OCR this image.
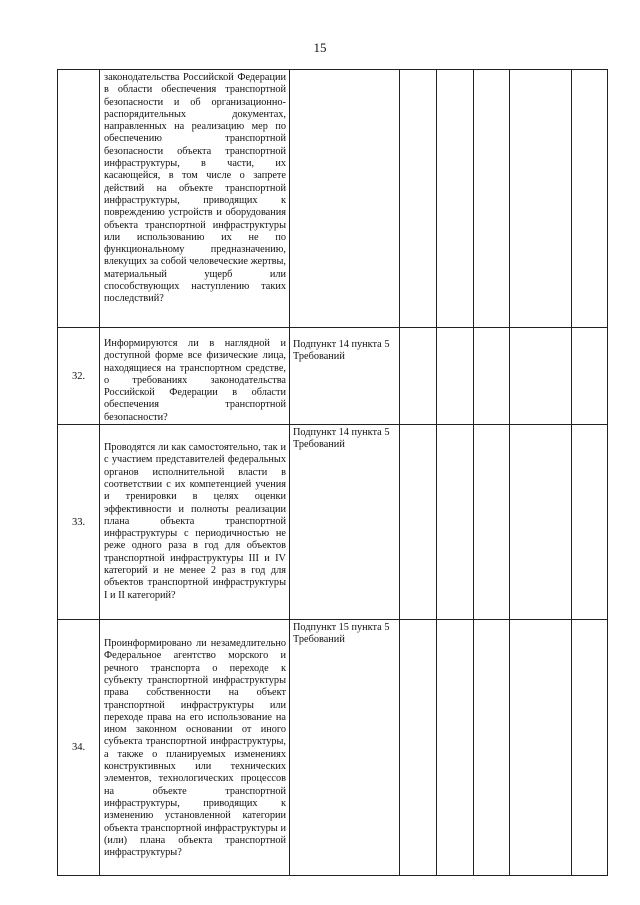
15

	законодательства Российской Федерации в области обеспечения транспортной безопасности и об организационно-распорядительных документах, направленных на реализацию мер по обеспечению транспортной безопасности объекта транспортной инфраструктуры, в части, их касающейся, в том числе о запрете действий на объекте транспортной инфраструктуры, приводящих к повреждению устройств и оборудования объекта транспортной инфраструктуры или использованию их не по функциональному предназначению, влекущих за собой человеческие жертвы, материальный ущерб или способствующих наступлению таких последствий?						

32.	Информируются ли в наглядной и доступной форме все физические лица, находящиеся на транспортном средстве, о требованиях законодательства Российской Федерации в области обеспечения транспортной безопасности?	Подпункт 14 пункта 5 Требований					

33.	Проводятся ли как самостоятельно, так и с участием представителей федеральных органов исполнительной власти в соответствии с их компетенцией учения и тренировки в целях оценки эффективности и полноты реализации плана объекта транспортной инфраструктуры с периодичностью не реже одного раза в год для объектов транспортной инфраструктуры III и IV категорий и не менее 2 раз в год для объектов транспортной инфраструктуры I и II категорий?	Подпункт 14 пункта 5 Требований					

34.	Проинформировано ли незамедлительно Федеральное агентство морского и речного транспорта о переходе к субъекту транспортной инфраструктуры права собственности на объект транспортной инфраструктуры или переходе права на его использование на ином законном основании от иного субъекта транспортной инфраструктуры, а также о планируемых изменениях конструктивных или технических элементов, технологических процессов на объекте транспортной инфраструктуры, приводящих к изменению установленной категории объекта транспортной инфраструктуры и (или) плана объекта транспортной инфраструктуры?	Подпункт 15 пункта 5 Требований					
